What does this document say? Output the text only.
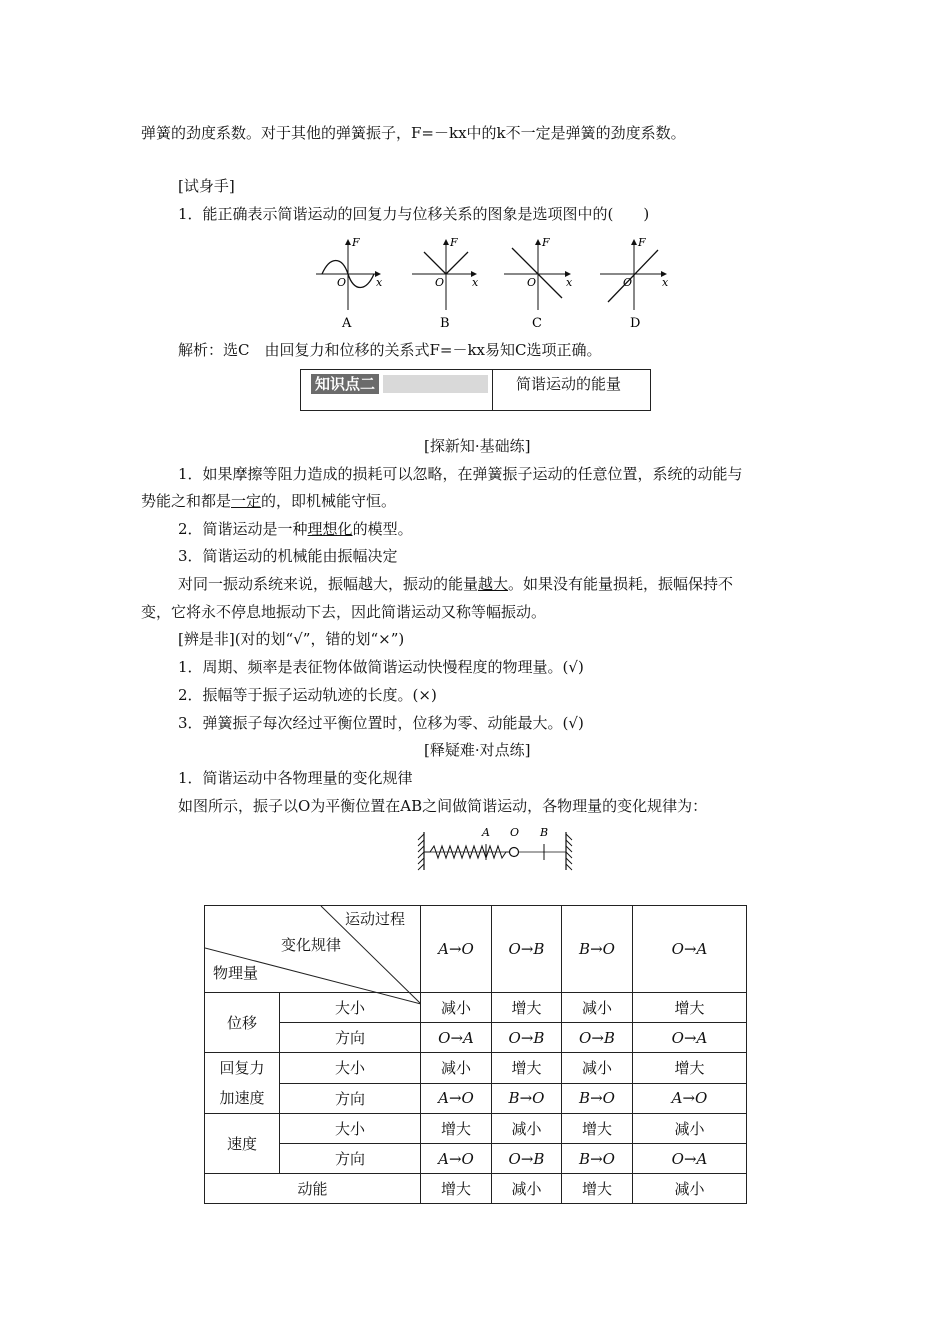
弹簧的劲度系数。对于其他的弹簧振子，F=－kx中的k不一定是弹簧的劲度系数。
[试身手]
1．能正确表示简谐运动的回复力与位移关系的图象是选项图中的(　　)
F
O	x
A
F
O	x
B
F
O	x
C
F
O	x
D
解析：选C　由回复力和位移的关系式F=－kx易知C选项正确。
知识点二	简谐运动的能量
[探新知·基础练]
1．如果摩擦等阻力造成的损耗可以忽略，在弹簧振子运动的任意位置，系统的动能与
势能之和都是一定的，即机械能守恒。
2．简谐运动是一种理想化的模型。
3．简谐运动的机械能由振幅决定
对同一振动系统来说，振幅越大，振动的能量越大。如果没有能量损耗，振幅保持不
变，它将永不停息地振动下去，因此简谐运动又称等幅振动。
[辨是非](对的划“√”，错的划“×”)
1．周期、频率是表征物体做简谐运动快慢程度的物理量。(√)
2．振幅等于振子运动轨迹的长度。(×)
3．弹簧振子每次经过平衡位置时，位移为零、动能最大。(√)
[释疑难·对点练]
1．简谐运动中各物理量的变化规律
如图所示，振子以O为平衡位置在AB之间做简谐运动，各物理量的变化规律为：
A O B
运动过程
变化规律
物理量		A→O	O→B	B→O	O→A
位移	大小	减小	增大	减小	增大
	方向	O→A	O→B	O→B	O→A

回复力
加速度	大小	减小	增大	减小	增大
	方向	A→O	B→O	B→O	A→O
速度	大小	增大	减小	增大	减小
	方向	A→O	O→B	B→O	O→A
动能		增大	减小	增大	减小
